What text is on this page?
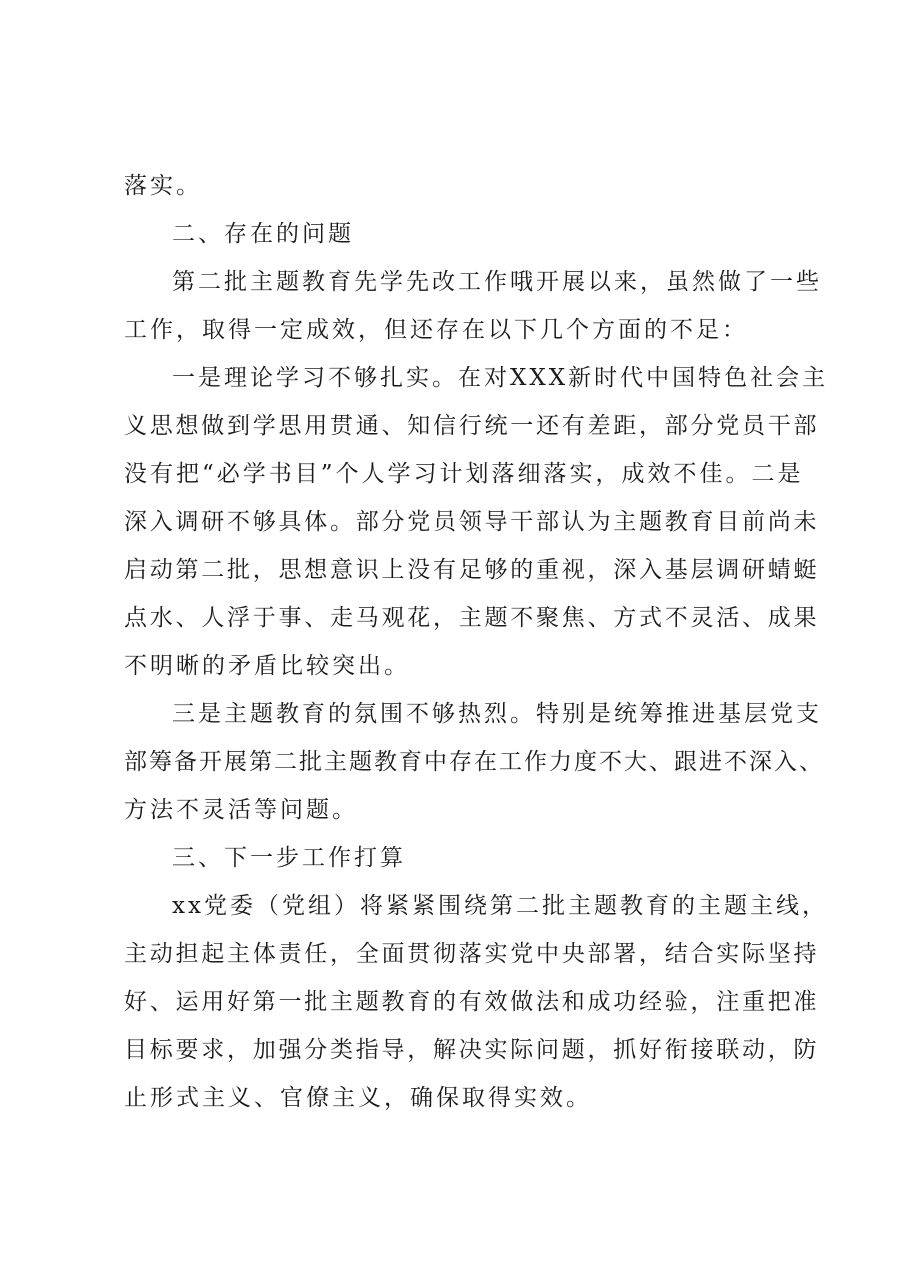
落实。
二、存在的问题
第二批主题教育先学先改工作哦开展以来，虽然做了一些
工作，取得一定成效，但还存在以下几个方面的不足：
一是理论学习不够扎实。在对XXX新时代中国特色社会主
义思想做到学思用贯通、知信行统一还有差距，部分党员干部
没有把“必学书目”个人学习计划落细落实，成效不佳。二是
深入调研不够具体。部分党员领导干部认为主题教育目前尚未
启动第二批，思想意识上没有足够的重视，深入基层调研蜻蜓
点水、人浮于事、走马观花，主题不聚焦、方式不灵活、成果
不明晰的矛盾比较突出。
三是主题教育的氛围不够热烈。特别是统筹推进基层党支
部筹备开展第二批主题教育中存在工作力度不大、跟进不深入、
方法不灵活等问题。
三、下一步工作打算
xx党委（党组）将紧紧围绕第二批主题教育的主题主线，
主动担起主体责任，全面贯彻落实党中央部署，结合实际坚持
好、运用好第一批主题教育的有效做法和成功经验，注重把准
目标要求，加强分类指导，解决实际问题，抓好衔接联动，防
止形式主义、官僚主义，确保取得实效。
